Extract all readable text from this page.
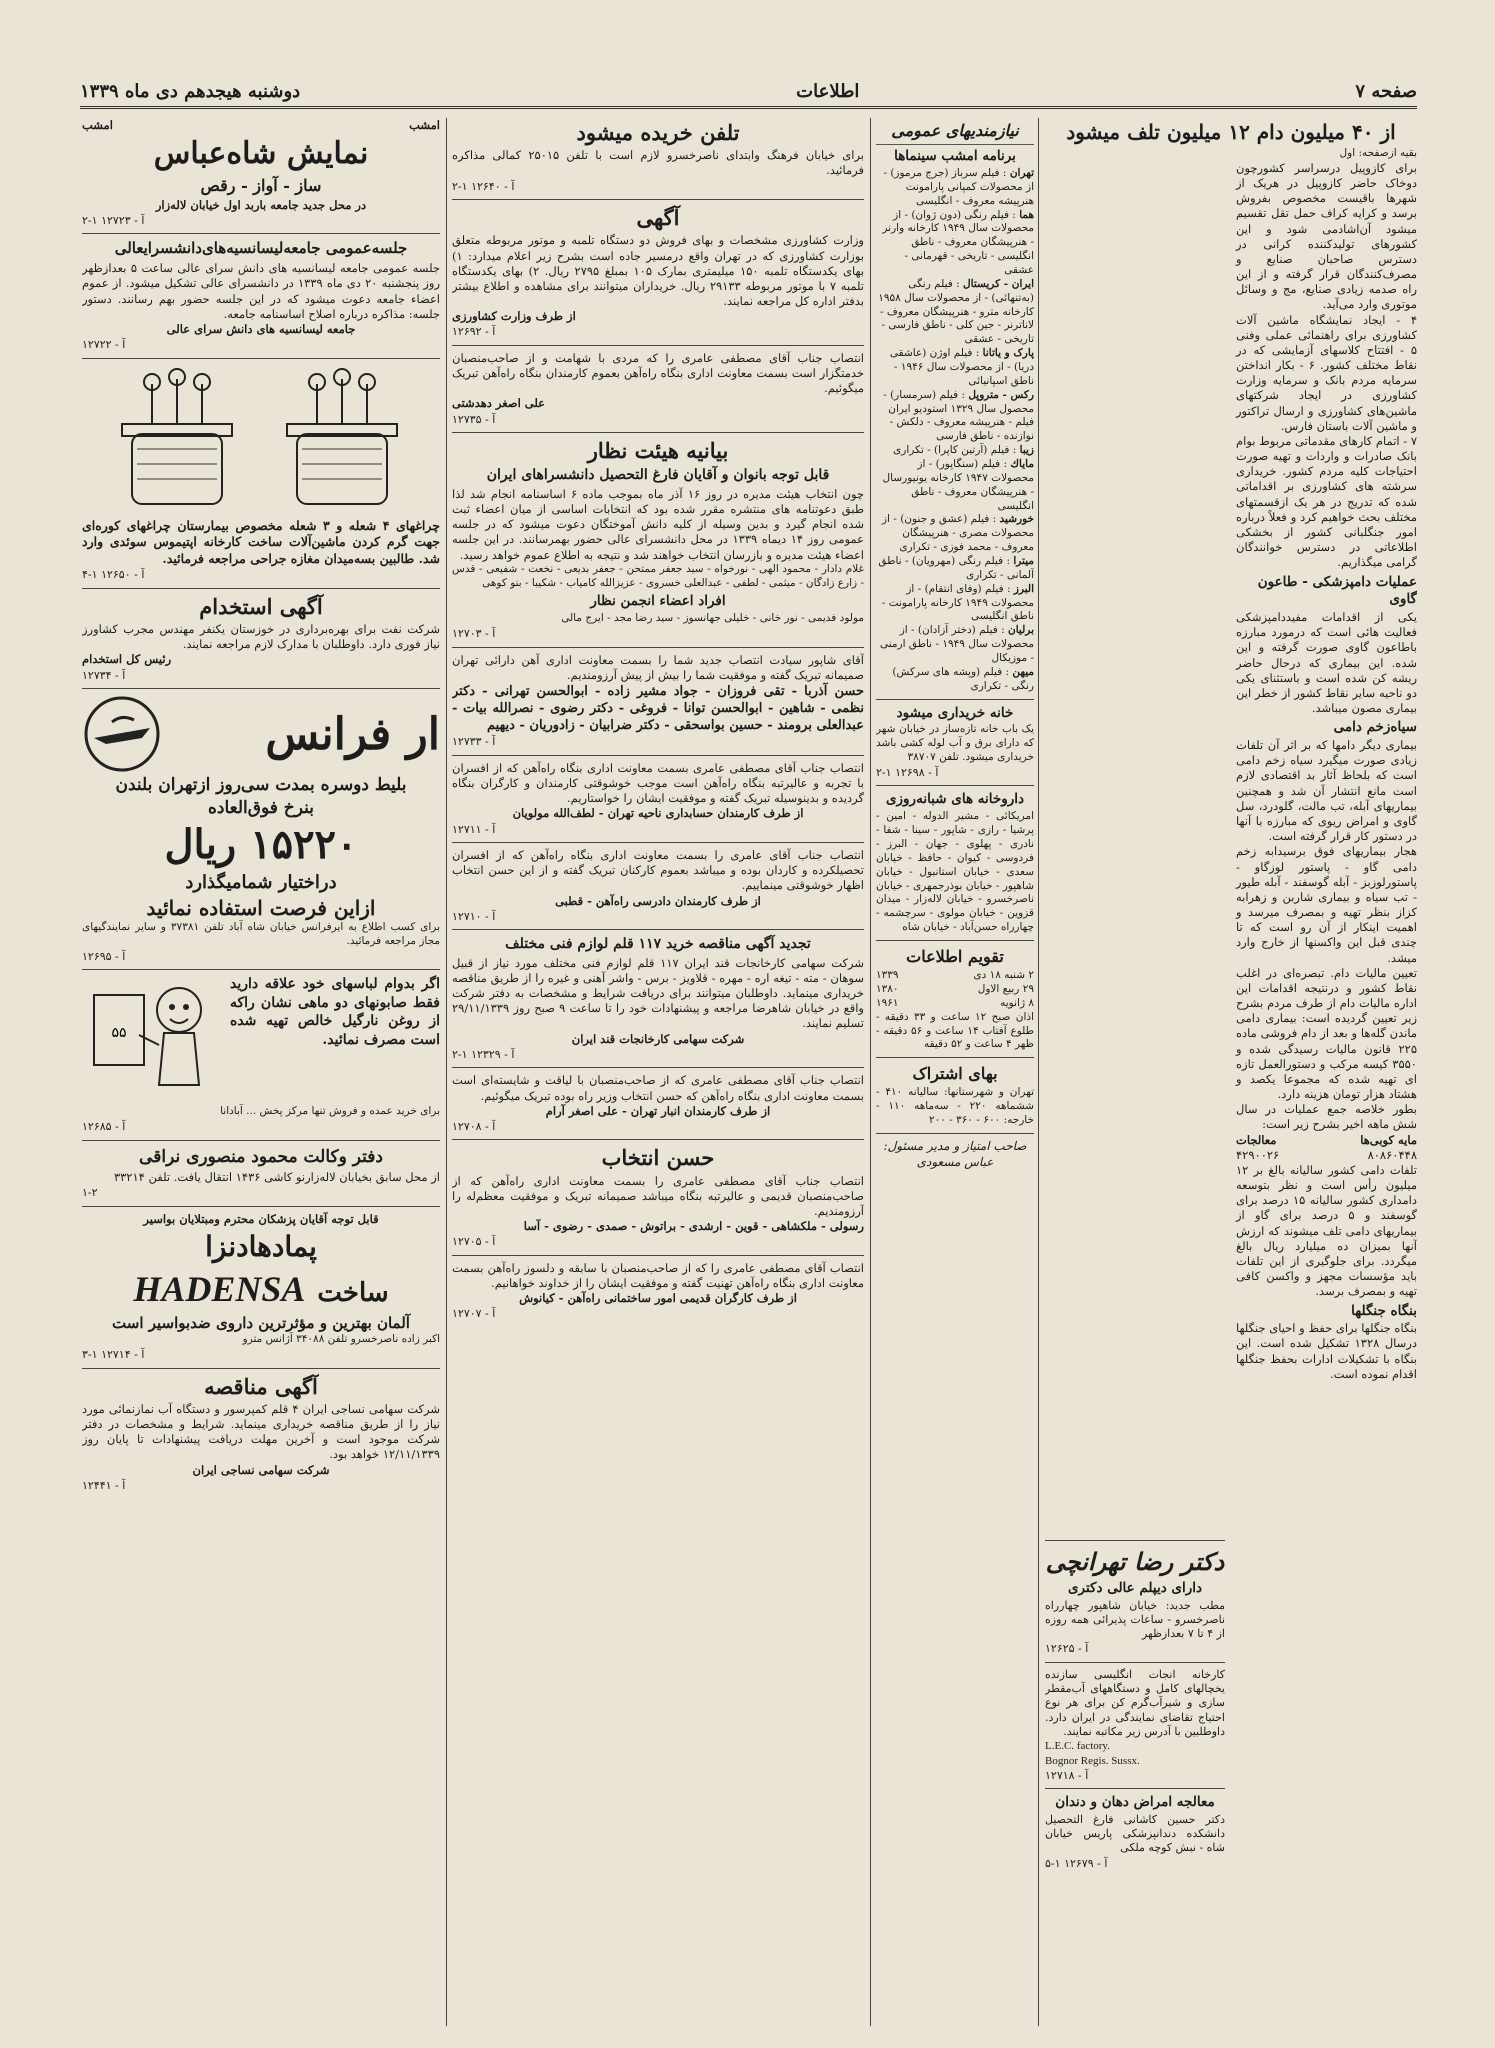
صفحه ۷
اطلاعات
دوشنبه هیجدهم دی ماه ۱۳۳۹
از ۴۰ میلیون دام ۱۲ میلیون تلف میشود
بقیه ازصفحه: اول

برای کازوپیل درسراسر کشورچون دوخاک حاضر کازوپیل در هریک از شهرها باقیست مخصوص بفروش برسد و کرایه کراف حمل تقل تقسیم میشود آن‌اشادمی شود و این کشورهای تولیدکننده کرانی در دسترس صاحبان صنایع و مصرف‌کنندگان قرار گرفته و از این راه صدمه زیادی صنایع، مج و وسائل موتوری وارد می‌آید.

۴ - ایجاد نمایشگاه ماشین آلات کشاورزی برای راهنمائی عملی وفنی ۵ - افتتاح کلاسهای آزمایشی که در نقاط مختلف کشور. ۶ - بکار انداختن سرمایه مردم بانک و سرمایه وزارت کشاورزی در ایجاد شرکتهای ماشین‌های کشاورزی و ارسال تراکتور و ماشین آلات باستان فارس.

۷ - اتمام کارهای مقدماتی مربوط بوام بانک صادرات و واردات و تهیه صورت احتیاجات کلیه مردم کشور. خریداری سرشته های کشاورزی بر اقداماتی شده که تدریج در هر یک ازقسمتهای مختلف بحث خواهیم کرد و فعلاً درباره امور جنگلبانی کشور از بخشکی اطلاعاتی در دسترس خوانندگان گرامی میگذاریم.

عملیات دامپزشکی - طاعون گاوی

یکی از اقدامات مفیددامپزشکی فعالیت هائی است که درمورد مبارزه باطاعون گاوی صورت گرفته و این شده. این بیماری که درحال حاضر ریشه کن شده است و باستثنای یکی دو ناحیه سایر نقاط کشور از خطر این بیماری مصون میباشد.

سیاه‌زخم دامی

بیماری دیگر دامها که بر اثر آن تلفات زیادی صورت میگیرد سیاه زخم دامی است که بلحاظ آثار بد اقتصادی لازم است مانع انتشار آن شد و همچنین بیماریهای آبله، تب مالت، گلودرد، سل گاوی و امراض ریوی که مبارزه با آنها در دستور کار قرار گرفته است.

هجار بیماریهای فوق برسیدابه زخم دامی گاو - پاستور لوزگاو - پاستورلوزبز - آبله گوسفند - آبله طیور - تب سیاه و بیماری شاربن و زهرابه کزاز بنظر تهیه و بمصرف میرسد و اهمیت اینکار از آن رو است که تا چندی قبل این واکسنها از خارج وارد میشد.

تعیین مالیات دام. تبصره‌ای در اغلب نقاط کشور و درنتیجه اقدامات این اداره مالیات دام از طرف مردم بشرح زیر تعیین گردیده است: بیماری دامی ماندن گله‌ها و بعد از دام فروشی ماده ۲۲۵ قانون مالیات رسیدگی شده و ۳۵۵۰ کیسه مرکب و دستورالعمل تازه ای تهیه شده که مجموعا یکصد و هشتاد هزار تومان هزینه دارد.

بطور خلاصه جمع عملیات در سال شش ماهه اخیر بشرح زیر است:

مایه کوبی‌ها
معالجات
۸۰۸۶۰۴۴۸
۴۲۹۰۰۲۶

تلفات دامی کشور سالیانه بالغ بر ۱۲ میلیون رأس است و نظر بتوسعه دامداری کشور ساليانه ۱۵ درصد برای گوسفند و ۵ درصد برای گاو از بیماریهای دامی تلف میشوند که ارزش آنها بمیزان ده میلیارد ریال بالغ میگردد. برای جلوگیری از این تلفات باید مؤسسات مجهز و واکسن کافی تهیه و بمصرف برسد.

بنگاه جنگلها

بنگاه جنگلها برای حفظ و احیای جنگلها درسال ۱۳۲۸ تشکیل شده است. این بنگاه با تشکیلات ادارات بحفظ جنگلها اقدام نموده است.

نیازمندیهای عمومی
برنامه امشب سینماها
تهران : فیلم سرباز (جرج مرموز) - از محصولات کمپانی پارامونت هنرپیشه معروف - انگلیسی
هما : فیلم رنگی (دون ژوان) - از محصولات سال ۱۹۴۹ کارخانه وارنر - هنرپیشگان معروف - ناطق انگلیسی - تاریخی - قهرمانی - عشقی
ایران - کریستال : فیلم رنگی (به‌تنهائی) - از محصولات سال ۱۹۵۸ کارخانه مترو - هنرپیشگان معروف - لاناترنر - جین کلی - ناطق فارسی - تاریخی - عشقی
پارک و یاتانا : فیلم اوژن (عاشقی دریا) - از محصولات سال ۱۹۴۶ - ناطق اسپانیائی
رکس - متروپل : فیلم (سرمسار) - محصول سال ۱۳۲۹ استودیو ایران فیلم - هنرپیشه معروف - دلکش - نوازنده - ناطق فارسی
زیبا : فیلم (آرتین کاپرا) - تکراری
ماياك : فیلم (سنگاپور) - از محصولات ۱۹۴۷ کارخانه یونیورسال - هنرپیشگان معروف - ناطق انگلیسی
خورشید : فیلم (عشق و جنون) - از محصولات مصری - هنرپیشگان معروف - محمد فوزی - تکراری
میترا : فیلم رنگی (مهرویان) - ناطق آلمانی - تکراری
البرز : فیلم (وفای انتقام) - از محصولات ۱۹۴۹ کارخانه پارامونت - ناطق انگلیسی
برلیان : فیلم (دختر آزادان) - از محصولات سال ۱۹۴۹ - ناطق ارمنی - موزیکال
میهن : فیلم (وپشه های سرکش) رنگی - تکراری
خانه خریداری میشود

یک باب خانه تازه‌ساز در خیابان شهر که دارای برق و آب لوله کشی باشد خریداری میشود. تلفن ۳۸۷۰۷

آ - ۱۲۶۹۸ ۱-۲
داروخانه های شبانه‌روزی

امریکائی - مشیر الدوله - امین - پرشیا - رازی - شاپور - سینا - شفا - نادری - پهلوی - جهان - البرز - فردوسی - کیوان - حافظ - خیابان سعدی - خیابان استانبول - خیابان شاهپور - خیابان بوذرجمهری - خیابان ناصرخسرو - خیابان لاله‌زار - میدان قزوین - خیابان مولوی - سرچشمه - چهارراه حسن‌آباد - خیابان شاه

تقویم اطلاعات
۲ شنبه ۱۸ دی
۱۳۳۹
۲۹ ربیع الاول
۱۳۸۰
۸ ژانویه
۱۹۶۱

اذان صبح ۱۲ ساعت و ۳۳ دقیقه - طلوع آفتاب ۱۴ ساعت و ۵۶ دقیقه - ظهر ۴ ساعت و ۵۲ دقیقه

بهای اشتراک

تهران و شهرستانها: سالیانه ۴۱۰ - ششماهه ۲۲۰ - سه‌ماهه ۱۱۰ - خارجه: ۶۰۰ - ۳۶۰ - ۲۰۰

صاحب امتیاز و مدیر مسئول: عباس مسعودی
تلفن خریده میشود

برای خیابان فرهنگ وابتدای ناصرخسرو لازم است با تلفن ۲۵۰۱۵ کمالی مذاکره فرمائید.

آ - ۱۲۶۴۰ ۱-۲
آگهی

وزارت کشاورزی مشخصات و بهای فروش دو دستگاه تلمبه و موتور مربوطه متعلق بوزارت کشاورزی که در تهران واقع درمسیر جاده است بشرح زیر اعلام میدارد: ۱) بهای یکدستگاه تلمبه ۱۵۰ میلیمتری بمارک ۱۰۵ بمبلغ ۲۷۹۵ ریال. ۲) بهای یکدستگاه تلمبه ۷ با موتور مربوطه ۲۹۱۳۳ ریال. خریداران میتوانند برای مشاهده و اطلاع بیشتر بدفتر اداره کل مراجعه نمایند.

از طرف وزارت کشاورزی
آ - ۱۲۶۹۲

انتصاب جناب آقای مصطفی عامری را که مردی با شهامت و از صاحب‌منصبان خدمتگزار است بسمت معاونت اداری بنگاه راه‌آهن بعموم کارمندان بنگاه راه‌آهن تبریک میگوئیم.

علی اصغر دهدشتی
آ - ۱۲۷۳۵
بیانیه هیئت نظار
قابل توجه بانوان و آقایان فارغ التحصیل دانشسراهای ایران

چون انتخاب هیئت مدیره در روز ۱۶ آذر ماه بموجب ماده ۶ اساسنامه انجام شد لذا طبق دعوتنامه های منتشره مقرر شده بود که انتخابات اساسی از میان اعضاء ثبت شده انجام گیرد و بدین وسیله از کلیه دانش آموختگان دعوت میشود که در جلسه عمومی روز ۱۴ دیماه ۱۳۳۹ در محل دانشسرای عالی حضور بهمرسانند. در این جلسه اعضاء هیئت مدیره و بازرسان انتخاب خواهند شد و نتیجه به اطلاع عموم خواهد رسید.

غلام دادار - محمود الهی - نورخواه - سید جعفر ممتحن - جعفر بدیعی - نخعت - شفیعی - قدس - زارع زادگان - میثمی - لطفی - عبدالعلی خسروی - عزیزالله کامیاب - شکیبا - بنو کوهی

افراد اعضاء انجمن نظار

مولود فدیمی - نور خانی - خلیلی جهانسوز - سید رضا مجد - ایرج مالی

آ - ۱۲۷۰۳

آقای شاپور سیادت انتصاب جدید شما را بسمت معاونت اداری آهن دارائی تهران صمیمانه تبریک گفته و موفقیت شما را بیش از پیش آرزومندیم.

حسن آذربا - تقی فروزان - جواد مشیر زاده - ابوالحسن تهرانی - دکتر نظمی - شاهین - ابوالحسن توانا - فروغی - دکتر رضوی - نصرالله بیات - عبدالعلی برومند - حسین بواسحقی - دکتر ضرابیان - زادوریان - دیهیم

آ - ۱۲۷۳۳

انتصاب جناب آقای مصطفی عامری بسمت معاونت اداری بنگاه راه‌آهن که از افسران با تجربه و عالیرتبه بنگاه راه‌آهن است موجب خوشوقتی کارمندان و کارگران بنگاه گردیده و بدینوسیله تبریک گفته و موفقیت ایشان را خواستاریم.

از طرف کارمندان حسابداری ناحیه تهران - لطف‌الله مولویان
آ - ۱۲۷۱۱

انتصاب جناب آقای عامری را بسمت معاونت اداری بنگاه راه‌آهن که از افسران تحصیلکرده و کاردان بوده و میباشد بعموم کارکنان تبریک گفته و از این حسن انتخاب اظهار خوشوقتی مینماییم.

از طرف کارمندان دادرسی راه‌آهن - قطبی
آ - ۱۲۷۱۰
تجدید آگهی مناقصه خرید ۱۱۷ قلم لوازم فنی مختلف

شرکت سهامی کارخانجات قند ایران ۱۱۷ قلم لوازم فنی مختلف مورد نیاز از قبیل سوهان - مته - تیغه اره - مهره - قلاویز - برس - واشر آهنی و غیره را از طریق مناقصه خریداری مینماید. داوطلبان میتوانند برای دریافت شرایط و مشخصات به دفتر شرکت واقع در خیابان شاهرضا مراجعه و پیشنهادات خود را تا ساعت ۹ صبح روز ۲۹/۱۱/۱۳۳۹ تسلیم نمایند.

شرکت سهامی کارخانجات قند ایران
آ - ۱۲۳۲۹ ۱-۲

انتصاب جناب آقای مصطفی عامری که از صاحب‌منصبان با لیاقت و شایسته‌ای است بسمت معاونت اداری بنگاه راه‌آهن که حسن انتخاب وزیر راه بوده تبریک میگوئیم.

از طرف کارمندان انبار تهران - علی اصغر آرام
آ - ۱۲۷۰۸
حسن انتخاب

انتصاب جناب آقای مصطفی عامری را بسمت معاونت اداری راه‌آهن که از صاحب‌منصبان قدیمی و عالیرتبه بنگاه میباشد صمیمانه تبریک و موفقیت معظم‌له را آرزومندیم.

رسولی - ملکشاهی - قوین - ارشدی - براتوش - صمدی - رضوی - آسا

آ - ۱۲۷۰۵

انتصاب آقای مصطفی عامری را که از صاحب‌منصبان با سابقه و دلسوز راه‌آهن بسمت معاونت اداری بنگاه راه‌آهن تهنیت گفته و موفقیت ایشان را از خداوند خواهانیم.

از طرف کارگران قدیمی امور ساختمانی راه‌آهن - کیانوش
آ - ۱۲۷۰۷
امشب
امشب
نمایش شاه‌عباس
ساز - آواز - رقص
در محل جدید جامعه باربد اول خیابان لاله‌زار
آ - ۱۲۷۲۳ ۱-۲
جلسه‌عمومی جامعه‌لیسانسیه‌های‌دانشسرایعالی

جلسه عمومی جامعه لیسانسیه های دانش سرای عالی ساعت ۵ بعدازظهر روز پنجشنبه ۲۰ دی ماه ۱۳۳۹ در دانشسرای عالی تشکیل میشود. از عموم اعضاء جامعه دعوت میشود که در این جلسه حضور بهم رسانند. دستور جلسه: مذاکره درباره اصلاح اساسنامه جامعه.

جامعه لیسانسیه های دانش سرای عالی
آ - ۱۲۷۲۲

چراغهای ۴ شعله و ۳ شعله مخصوص بیمارستان چراغهای کوره‌ای جهت گرم کردن ماشین‌آلات ساخت کارخانه اپتیموس سوئدی وارد شد. طالبین بسه‌میدان مغازه جراحی مراجعه فرمائید.

آ - ۱۲۶۵۰ ۱-۴
آگهی استخدام

شرکت نفت برای بهره‌برداری در خوزستان یکنفر مهندس مجرب کشاورز نیاز فوری دارد. داوطلبان با مدارک لازم مراجعه نمایند.

رئیس کل استخدام
آ - ۱۲۷۳۴
ار فرانس
بلیط دوسره بمدت سی‌روز ازتهران بلندن
بنرخ فوق‌العاده
۱۵۲۲۰ ریال
دراختیار شمامیگذارد
ازاین فرصت استفاده نمائید

برای کسب اطلاع به ایرفرانس خیابان شاه آباد تلفن ۳۷۳۸۱ و سایر نمایندگیهای مجاز مراجعه فرمائید.

آ - ۱۲۶۹۵

اگر بدوام لباسهای خود علاقه دارید فقط صابونهای دو ماهی نشان راکه از روغن نارگیل خالص تهیه شده است مصرف نمائید.

۵۵

برای خرید عمده و فروش تنها مرکز پخش ... آبادانا

آ - ۱۲۶۸۵
دفتر وکالت محمود منصوری نراقی

از محل سابق بخیابان لاله‌زارنو کاشی ۱۴۳۶ انتقال یافت. تلفن ۳۳۲۱۴

۱-۲
قابل توجه آقایان پزشکان محترم ومبتلایان بواسیر
پمادهادنزا
ساخت
HADENSA
آلمان بهترین و مؤثرترین داروی ضدبواسیر است

اکبر زاده ناصرخسرو تلفن ۳۴۰۸۸ آژانس مترو

آ - ۱۲۷۱۴ ۱-۳
آگهی مناقصه

شرکت سهامی نساجی ایران ۴ قلم کمپرسور و دستگاه آب نمازنمائی مورد نیاز را از طریق مناقصه خریداری مینماید. شرایط و مشخصات در دفتر شرکت موجود است و آخرین مهلت دریافت پیشنهادات تا پایان روز ۱۲/۱۱/۱۳۳۹ خواهد بود.

شرکت سهامی نساجی ایران
آ - ۱۲۴۴۱
دکتر رضا تهرانچی
دارای دیپلم عالی دکتری

مطب جدید: خیابان شاهپور چهارراه ناصرخسرو - ساعات پذیرائی همه روزه از ۴ تا ۷ بعدازظهر

آ - ۱۲۶۲۵

کارخانه انجات انگلیسی سازنده یخچالهای کامل و دستگاههای آب‌مقطر سازی و شیرآب‌گرم کن برای هر نوع احتیاج تقاضای نمایندگی در ایران دارد. داوطلبین با آدرس زیر مکاتبه نمایند.

L.E.C. factory.
Bognor Regis. Sussx.
آ - ۱۲۷۱۸
معالجه امراض دهان و دندان

دکتر حسین کاشانی فارغ التحصیل دانشکده دندانپزشکی پاریس خیابان شاه - نبش کوچه ملکی

آ - ۱۲۶۷۹ ۱-۵
